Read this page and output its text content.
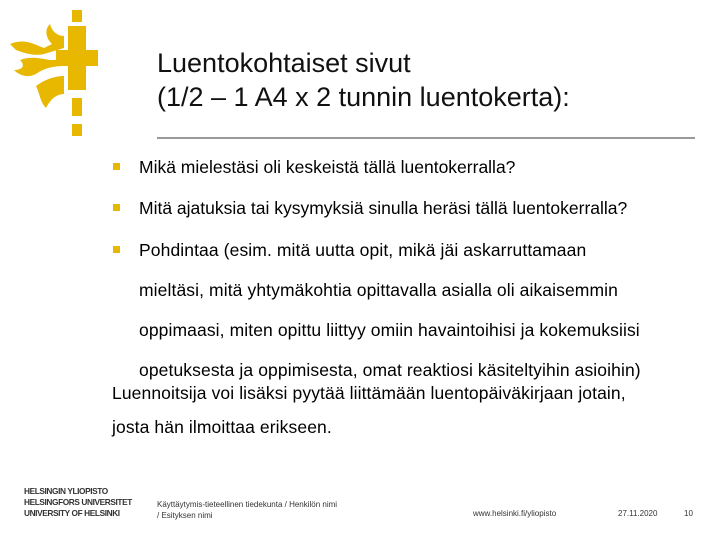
Luentokohtaiset sivut
(1/2 – 1 A4 x 2 tunnin luentokerta):
Mikä mielestäsi oli keskeistä tällä luentokerralla?
Mitä ajatuksia tai kysymyksiä sinulla heräsi tällä luentokerralla?
Pohdintaa (esim. mitä uutta opit, mikä jäi askarruttamaan
mieltäsi, mitä yhtymäkohtia opittavalla asialla oli aikaisemmin
oppimaasi, miten opittu liittyy omiin havaintoihisi ja kokemuksiisi
opetuksesta ja oppimisesta, omat reaktiosi käsiteltyihin asioihin)
Luennoitsija voi lisäksi pyytää liittämään luentopäiväkirjaan jotain,
josta hän ilmoittaa erikseen.
HELSINGIN YLIOPISTO
HELSINGFORS UNIVERSITET
UNIVERSITY OF HELSINKI
Käyttäytymis-tieteellinen tiedekunta / Henkilön nimi
/ Esityksen nimi	www.helsinki.fi/yliopisto	27.11.2020	10
